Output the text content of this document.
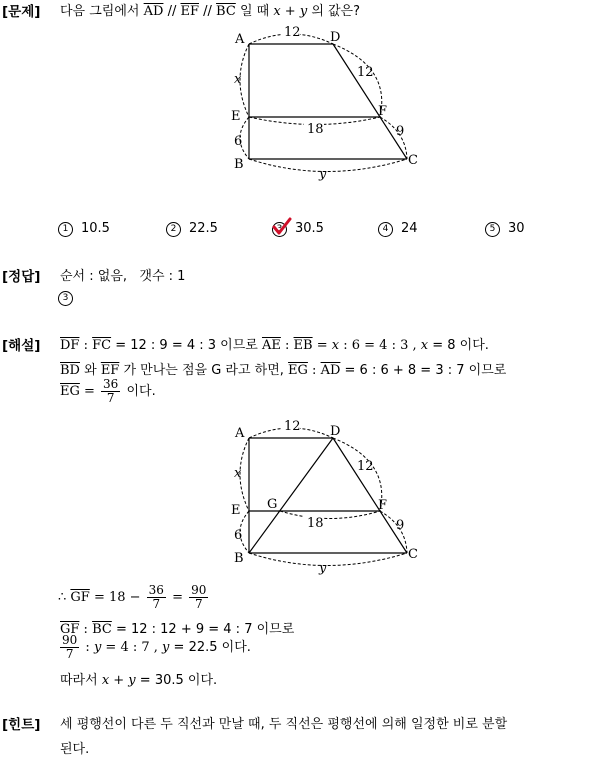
[문제] 다음 그림에서 $\overline{AD} // \overline{EF} // \overline{BC}$ 일 때 x + y 의 값은?
A	D
E	F
B	C
12
12
18	9
6
x
y
1 10.5	2 22.5	3 30.5	4 24	5 30
[정답] 순서 : 없음,   갯수 : 1
3
[해설] $\overline{DF}$ : $\overline{FC} = 12$ : 9 = 4 : 3 이므로 $\overline{AE}$ : $\overline{EB} = x$ : 6 = 4 : 3 , x = 8 이다.
$\overline{BD}$ 와 $\overline{EF}$ 가 만나는 점을 G 라고 하면, $\overline{EG}$ : $\overline{AD} = 6$ : 6 + 8 = 3 : 7 이므로
$\overline{EG} = \frac{36}{7}$ 이다.
A	D
E G	F
B	C
12
12
18	9
6
x
y
∴ $\overline{GF} = 18 - \frac{36}{7} = \frac{90}{7}$
$\overline{GF}$ : $\overline{BC} = 12$ : 12 + 9 = 4 : 7 이므로
$\frac{90}{7}$ : y = 4 : 7 , y = 22.5 이다.
따라서 x + y = 30.5 이다.
[힌트] 세 평행선이 다른 두 직선과 만날 때, 두 직선은 평행선에 의해 일정한 비로 분할
된다.
